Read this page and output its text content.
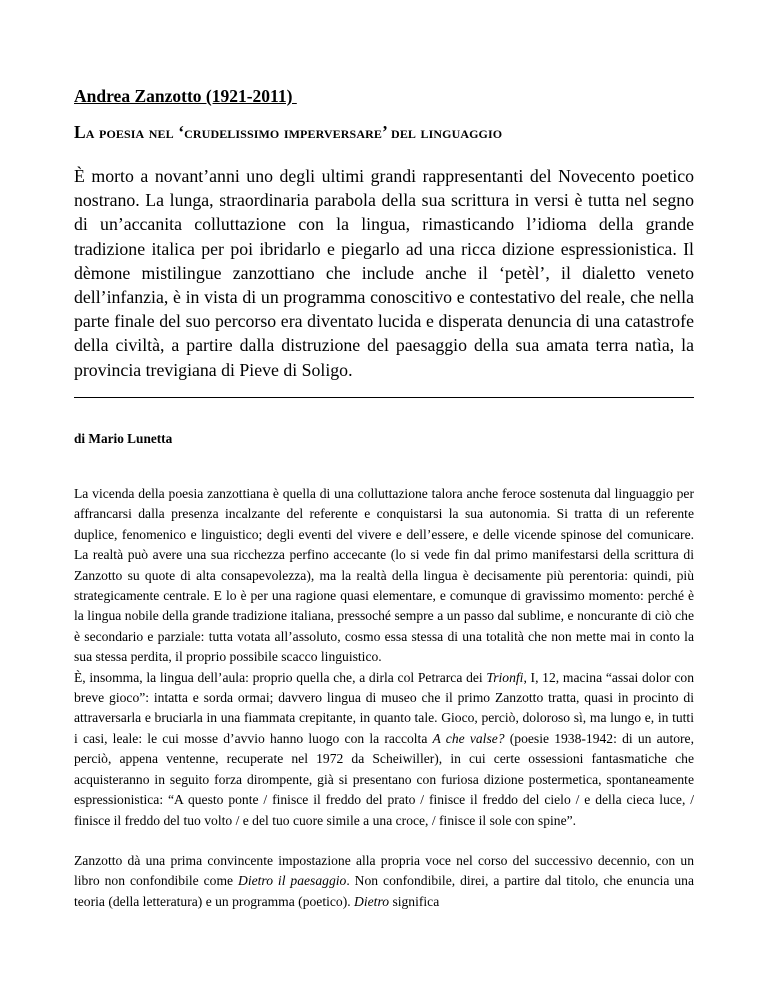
Andrea Zanzotto (1921-2011)
La poesia nel ‘crudelissimo imperversare’ del linguaggio

È morto a novant’anni uno degli ultimi grandi rappresentanti del Novecento poetico nostrano. La lunga, straordinaria parabola della sua scrittura in versi è tutta nel segno di un’accanita colluttazione con la lingua, rimasticando l’idioma della grande tradizione italica per poi ibridarlo e piegarlo ad una ricca dizione espressionistica. Il dèmone mistilingue zanzottiano che include anche il ‘petèl’, il dialetto veneto dell’infanzia, è in vista di un programma conoscitivo e contestativo del reale, che nella parte finale del suo percorso era diventato lucida e disperata denuncia di una catastrofe della civiltà, a partire dalla distruzione del paesaggio della sua amata terra natìa, la provincia trevigiana di Pieve di Soligo.

di Mario Lunetta

La vicenda della poesia zanzottiana è quella di una colluttazione talora anche feroce sostenuta dal linguaggio per affrancarsi dalla presenza incalzante del referente e conquistarsi la sua autonomia. Si tratta di un referente duplice, fenomenico e linguistico; degli eventi del vivere e dell’essere, e delle vicende spinose del comunicare. La realtà può avere una sua ricchezza perfino accecante (lo si vede fin dal primo manifestarsi della scrittura di Zanzotto su quote di alta consapevolezza), ma la realtà della lingua è decisamente più perentoria: quindi, più strategicamente centrale. E lo è per una ragione quasi elementare, e comunque di gravissimo momento: perché è la lingua nobile della grande tradizione italiana, pressoché sempre a un passo dal sublime, e noncurante di ciò che è secondario e parziale: tutta votata all’assoluto, cosmo essa stessa di una totalità che non mette mai in conto la sua stessa perdita, il proprio possibile scacco linguistico.

È, insomma, la lingua dell’aula: proprio quella che, a dirla col Petrarca dei Trionfi, I, 12, macina “assai dolor con breve gioco”: intatta e sorda ormai; davvero lingua di museo che il primo Zanzotto tratta, quasi in procinto di attraversarla e bruciarla in una fiammata crepitante, in quanto tale. Gioco, perciò, doloroso sì, ma lungo e, in tutti i casi, leale: le cui mosse d’avvio hanno luogo con la raccolta A che valse? (poesie 1938-1942: di un autore, perciò, appena ventenne, recuperate nel 1972 da Scheiwiller), in cui certe ossessioni fantasmatiche che acquisteranno in seguito forza dirompente, già si presentano con furiosa dizione postermetica, spontaneamente espressionistica: “A questo ponte / finisce il freddo del prato / finisce il freddo del cielo / e della cieca luce, / finisce il freddo del tuo volto / e del tuo cuore simile a una croce, / finisce il sole con spine”.

Zanzotto dà una prima convincente impostazione alla propria voce nel corso del successivo decennio, con un libro non confondibile come Dietro il paesaggio. Non confondibile, direi, a partire dal titolo, che enuncia una teoria (della letteratura) e un programma (poetico). Dietro significa
